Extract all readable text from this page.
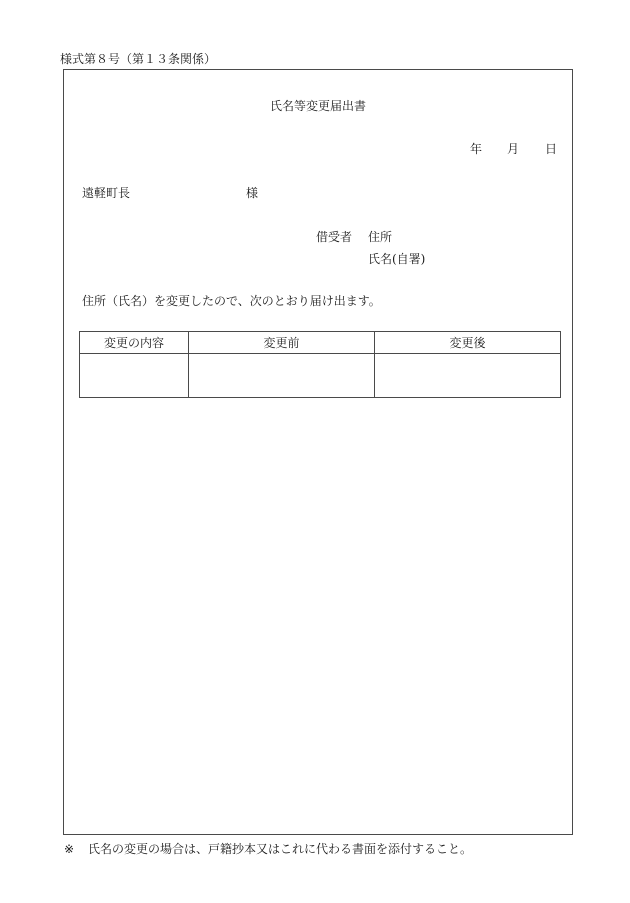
様式第８号（第１３条関係）
氏名等変更届出書
年 月 日
遠軽町長	様
借受者 住所
氏名(自署)
住所（氏名）を変更したので、次のとおり届け出ます。
変更の内容	変更前	変更後

※ 氏名の変更の場合は、戸籍抄本又はこれに代わる書面を添付すること。
